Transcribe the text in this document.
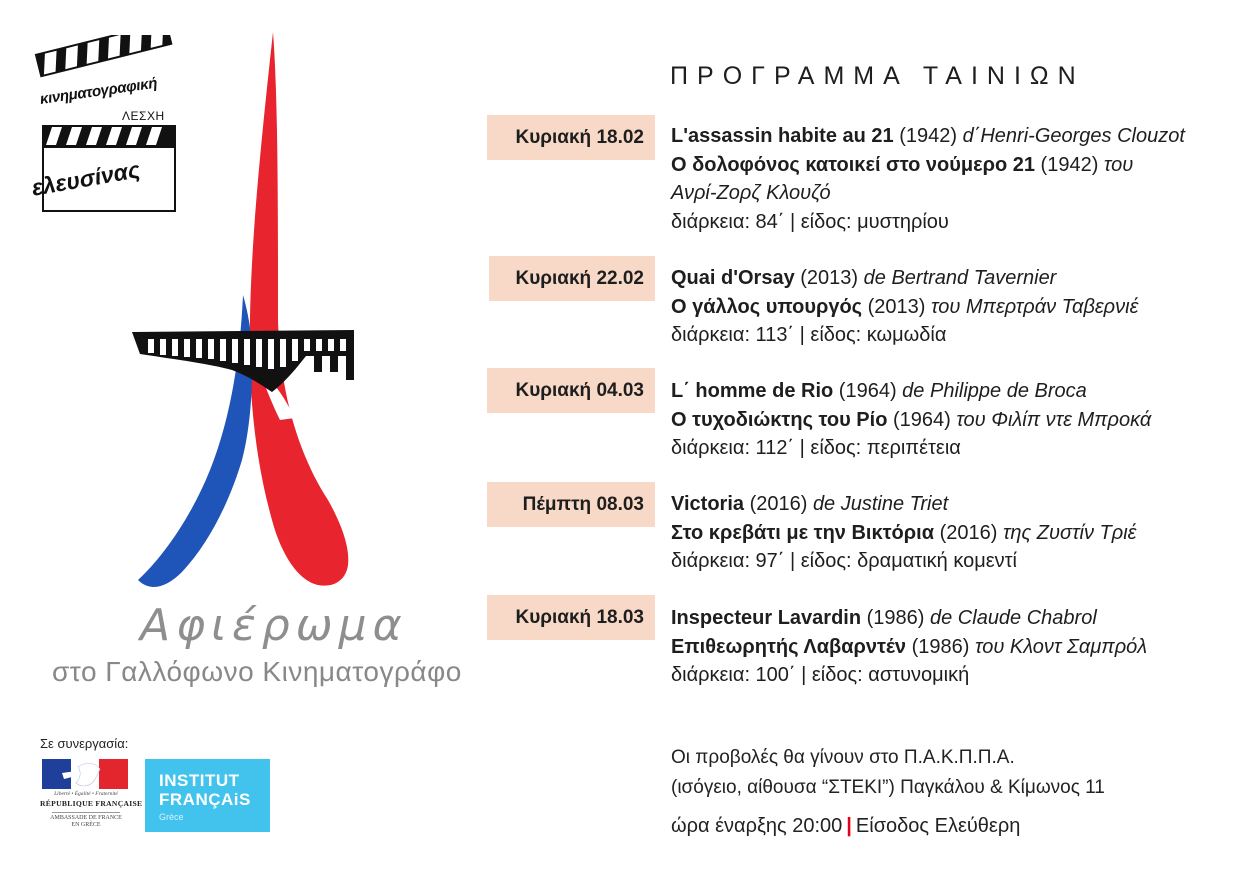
κινηματογραφική
ΛΕΣΧΗ
ελευσίνας
Αφιέρωμα
στο Γαλλόφωνο Κινηματογράφο
Σε συνεργασία:
Liberté • Égalité • Fraternité
RÉPUBLIQUE FRANÇAISE
AMBASSADE DE FRANCE
EN GRÈCE
INSTITUT
FRANÇAiS
Grèce
ΠΡΟΓΡΑΜΜΑ ΤΑΙΝΙΩΝ
Κυριακή 18.02	L'assassin habite au 21 (1942) d΄Henri-Georges Clouzot
Ο δολοφόνος κατοικεί στο νούμερο 21 (1942) του
Ανρί-Ζορζ Κλουζό
διάρκεια: 84΄ | είδος: μυστηρίου
Κυριακή 22.02	Quai d'Orsay (2013) de Bertrand Tavernier
Ο γάλλος υπουργός (2013) του Μπερτράν Ταβερνιέ
διάρκεια: 113΄ | είδος: κωμωδία
Κυριακή 04.03	L΄ homme de Rio (1964) de Philippe de Broca
Ο τυχοδιώκτης του Ρίο (1964) του Φιλίπ ντε Μπροκά
διάρκεια: 112΄ | είδος: περιπέτεια
Πέμπτη 08.03	Victoria (2016) de Justine Triet
Στο κρεβάτι με την Βικτόρια (2016) της Ζυστίν Τριέ
διάρκεια: 97΄ | είδος: δραματική κομεντί
Κυριακή 18.03	Inspecteur Lavardin (1986) de Claude Chabrol
Επιθεωρητής Λαβαρντέν (1986) του Κλοντ Σαμπρόλ
διάρκεια: 100΄ | είδος: αστυνομική
Οι προβολές θα γίνουν στο Π.Α.Κ.Π.Π.Α.
(ισόγειο, αίθουσα “ΣΤΕΚΙ”) Παγκάλου & Κίμωνος 11
ώρα έναρξης 20:00 | Είσοδος Ελεύθερη
